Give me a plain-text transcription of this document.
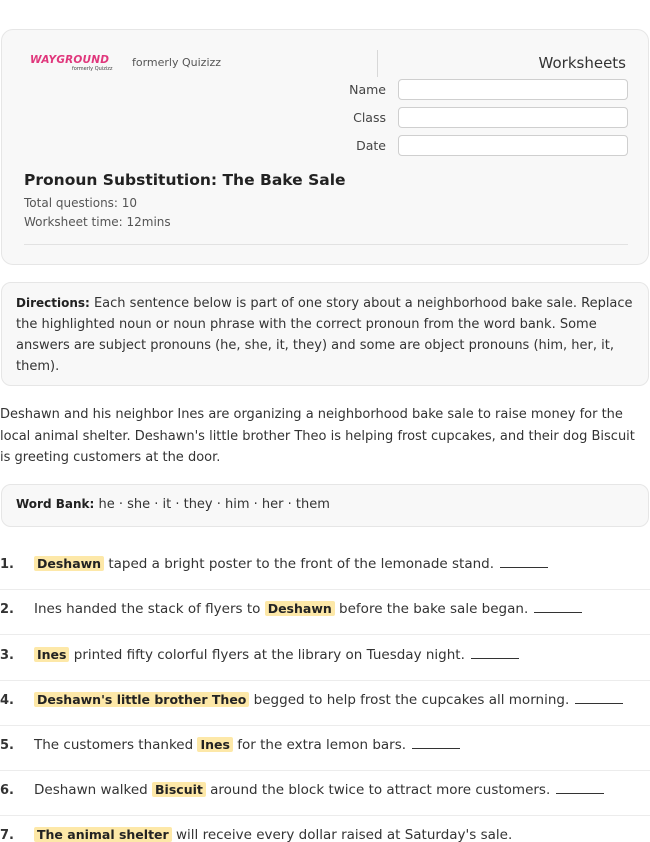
WAYGROUND
formerly Quizizz formerly Quizizz	Worksheets
Name
Class
Date
Pronoun Substitution: The Bake Sale
Total questions: 10
Worksheet time: 12mins
Directions: Each sentence below is part of one story about a neighborhood bake sale. Replace the highlighted noun or noun phrase with the correct pronoun from the word bank. Some answers are subject pronouns (he, she, it, they) and some are object pronouns (him, her, it, them).
Deshawn and his neighbor Ines are organizing a neighborhood bake sale to raise money for the local animal shelter. Deshawn's little brother Theo is helping frost cupcakes, and their dog Biscuit is greeting customers at the door.
Word Bank: he · she · it · they · him · her · them
1. Deshawn taped a bright poster to the front of the lemonade stand.
2. Ines handed the stack of flyers to Deshawn before the bake sale began.
3. Ines printed fifty colorful flyers at the library on Tuesday night.
4. Deshawn's little brother Theo begged to help frost the cupcakes all morning.
5. The customers thanked Ines for the extra lemon bars.
6. Deshawn walked Biscuit around the block twice to attract more customers.
7. The animal shelter will receive every dollar raised at Saturday's sale.
